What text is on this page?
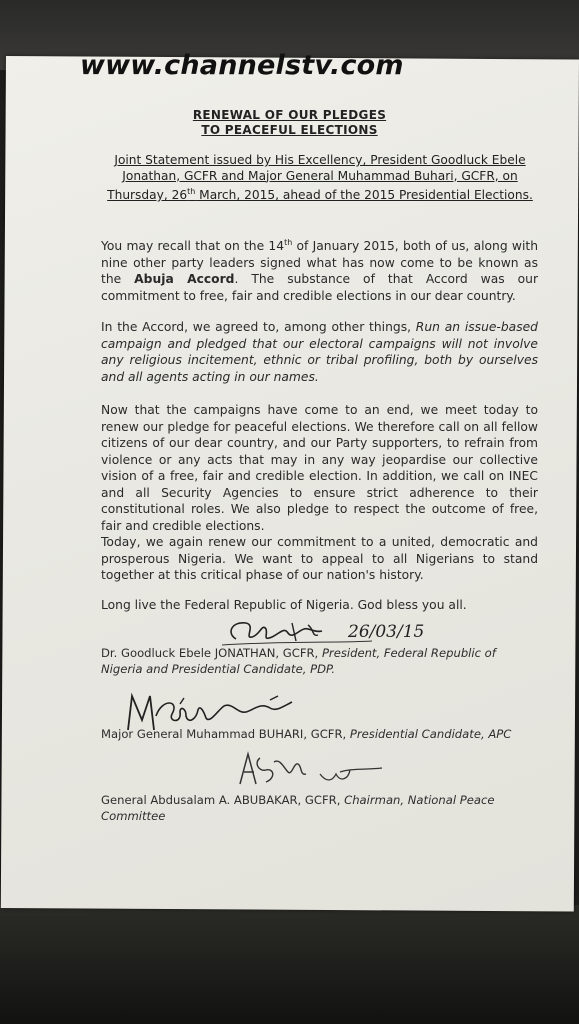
www.channelstv.com
RENEWAL OF OUR PLEDGES
TO PEACEFUL ELECTIONS
Joint Statement issued by His Excellency, President Goodluck Ebele Jonathan, GCFR and Major General Muhammad Buhari, GCFR, on Thursday, 26th March, 2015, ahead of the 2015 Presidential Elections.
You may recall that on the 14th of January 2015, both of us, along with nine other party leaders signed what has now come to be known as the Abuja Accord. The substance of that Accord was our commitment to free, fair and credible elections in our dear country.
In the Accord, we agreed to, among other things, Run an issue-based campaign and pledged that our electoral campaigns will not involve any religious incitement, ethnic or tribal profiling, both by ourselves and all agents acting in our names.
Now that the campaigns have come to an end, we meet today to renew our pledge for peaceful elections. We therefore call on all fellow citizens of our dear country, and our Party supporters, to refrain from violence or any acts that may in any way jeopardise our collective vision of a free, fair and credible election. In addition, we call on INEC and all Security Agencies to ensure strict adherence to their constitutional roles. We also pledge to respect the outcome of free, fair and credible elections.
Today, we again renew our commitment to a united, democratic and prosperous Nigeria. We want to appeal to all Nigerians to stand together at this critical phase of our nation's history.
Long live the Federal Republic of Nigeria. God bless you all.
26/03/15
Dr. Goodluck Ebele JONATHAN, GCFR, President, Federal Republic of Nigeria and Presidential Candidate, PDP.
Major General Muhammad BUHARI, GCFR, Presidential Candidate, APC
General Abdusalam A. ABUBAKAR, GCFR, Chairman, National Peace Committee
